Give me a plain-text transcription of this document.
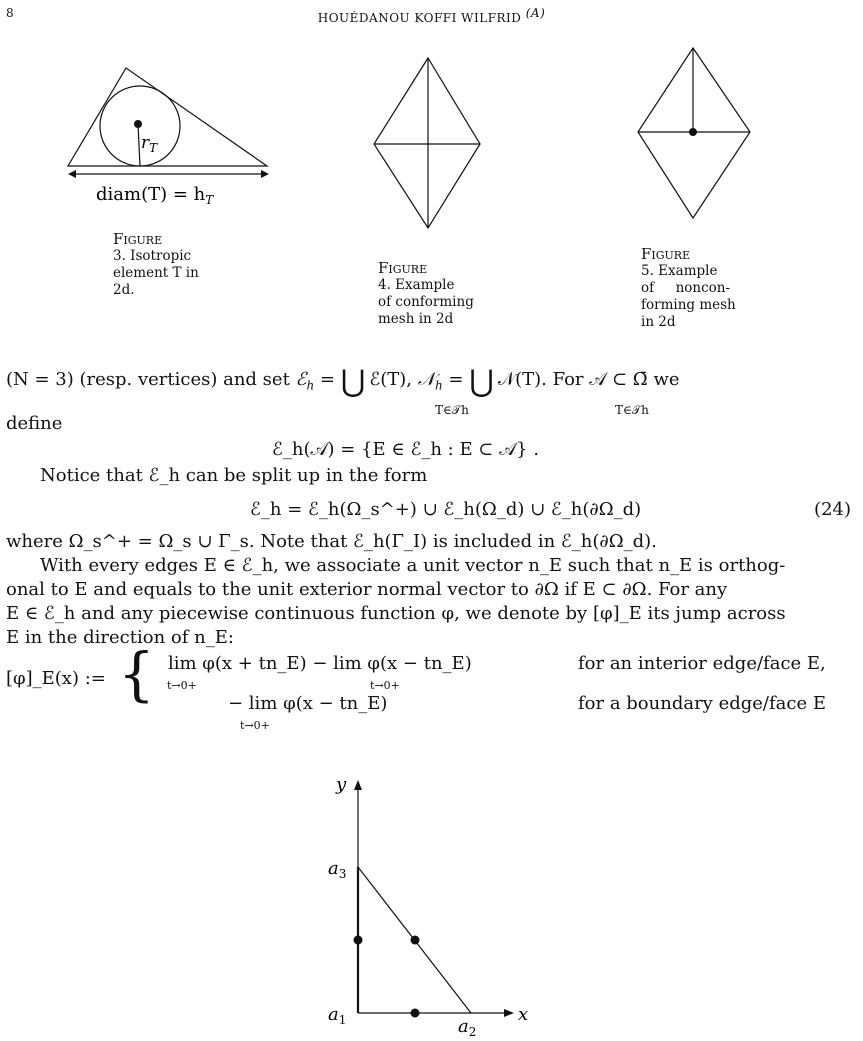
8	HOUÉDANOU KOFFI WILFRID $^{(A)}$
$r_T$
diam(T) = $h_T$
Figure
3. Isotropic
element T in
2d.
Figure
4. Example
of conforming
mesh in 2d
Figure
5. Example
of     noncon-
forming mesh
in 2d
(N = 3) (resp. vertices) and set ℰ$_h$ = ⋃ ℰ(T), 𝒩$_h$ = ⋃ 𝒩(T). For 𝒜 ⊂ Ω̄ we
T∈𝒯h	T∈𝒯h
define
ℰ_h(𝒜) = {E ∈ ℰ_h : E ⊂ 𝒜} .
Notice that ℰ_h can be split up in the form
ℰ_h = ℰ_h(Ω_s^+) ∪ ℰ_h(Ω_d) ∪ ℰ_h(∂Ω_d)	(24)
where Ω_s^+ = Ω_s ∪ Γ_s. Note that ℰ_h(Γ_I) is included in ℰ_h(∂Ω_d).
With every edges E ∈ ℰ_h, we associate a unit vector n_E such that n_E is orthog-
onal to E and equals to the unit exterior normal vector to ∂Ω if E ⊂ ∂Ω. For any
E ∈ ℰ_h and any piecewise continuous function φ, we denote by [φ]_E its jump across
E in the direction of n_E:
[φ]_E(x) := { lim φ(x + tn_E) − lim φ(x − tn_E)
t→0+	t→0+
for an interior edge/face E,
− lim φ(x − tn_E)
t→0+
for a boundary edge/face E
y
x
$a_3$
$a_1$	$a_2$
